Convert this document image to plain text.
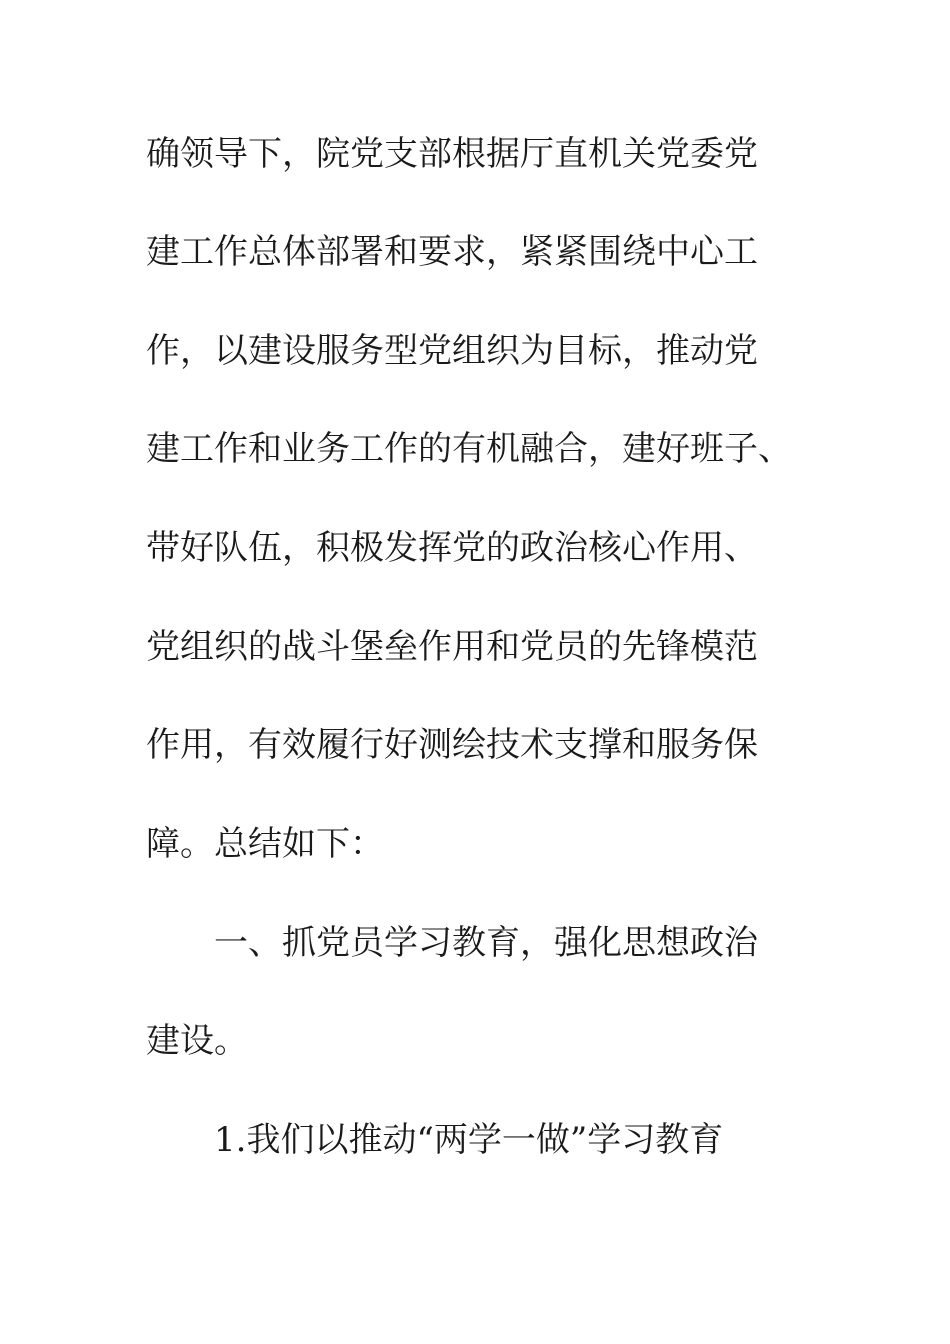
确领导下，院党支部根据厅直机关党委党
建工作总体部署和要求，紧紧围绕中心工
作，以建设服务型党组织为目标，推动党
建工作和业务工作的有机融合，建好班子、
带好队伍，积极发挥党的政治核心作用、
党组织的战斗堡垒作用和党员的先锋模范
作用，有效履行好测绘技术支撑和服务保
障。总结如下：
一、抓党员学习教育，强化思想政治
建设。
1.我们以推动“两学一做”学习教育
